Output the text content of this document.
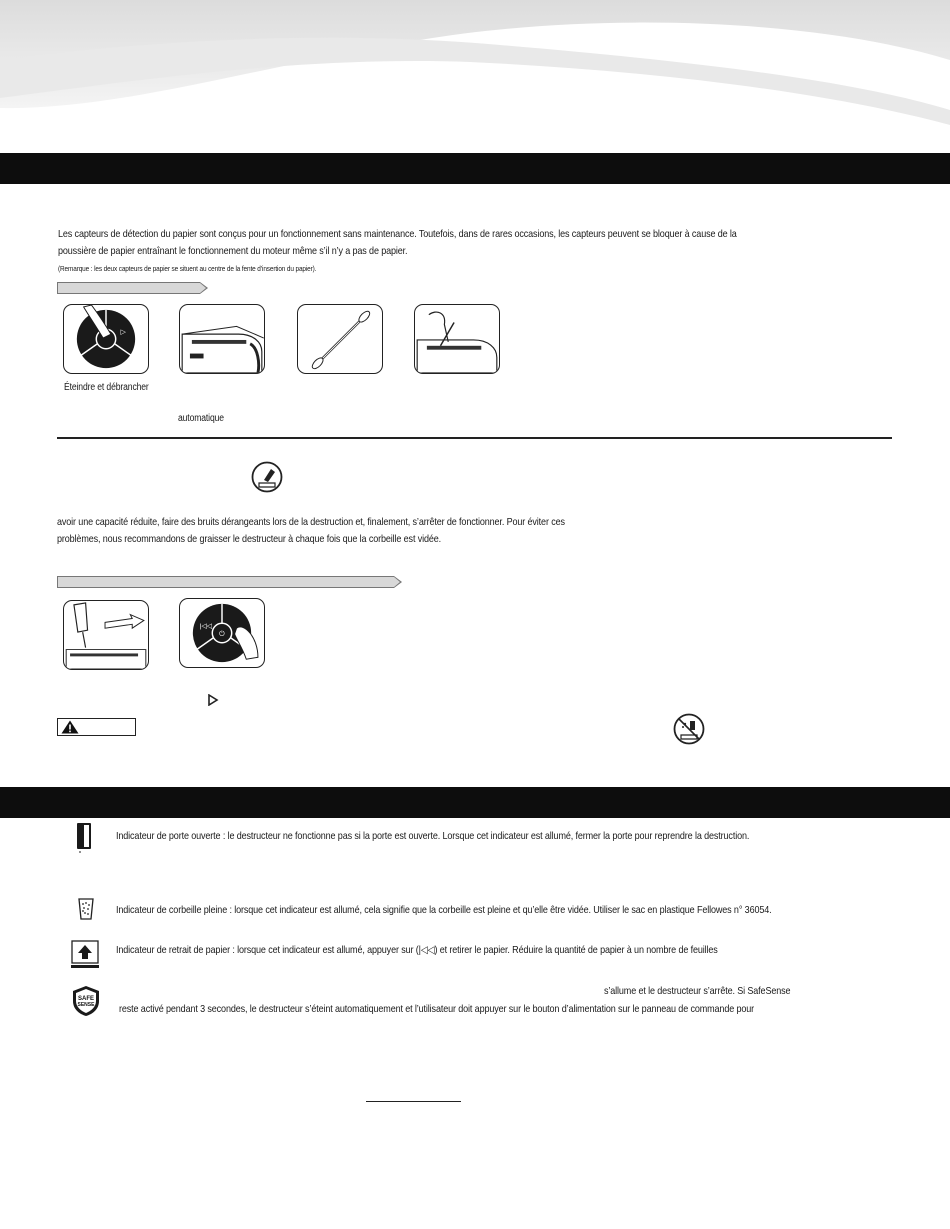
Les capteurs de détection du papier sont conçus pour un fonctionnement sans maintenance. Toutefois, dans de rares occasions, les capteurs peuvent se bloquer à cause de la
poussière de papier entraînant le fonctionnement du moteur même s’il n’y a pas de papier.
(Remarque : les deux capteurs de papier se situent au centre de la fente d’insertion du papier).
▷
Éteindre et débrancher
automatique
avoir une capacité réduite, faire des bruits dérangeants lors de la destruction et, finalement, s’arrêter de fonctionner. Pour éviter ces
problèmes, nous recommandons de graisser le destructeur à chaque fois que la corbeille est vidée.
|◁◁
⏻
Indicateur de porte ouverte : le destructeur ne fonctionne pas si la porte est ouverte. Lorsque cet indicateur est allumé, fermer la porte pour reprendre la destruction.
Indicateur de corbeille pleine : lorsque cet indicateur est allumé, cela signifie que la corbeille est pleine et qu’elle être vidée. Utiliser le sac en plastique Fellowes n° 36054.
Indicateur de retrait de papier : lorsque cet indicateur est allumé, appuyer sur (|◁◁) et retirer le papier. Réduire la quantité de papier à un nombre de feuilles
SAFE
SENSE
s’allume et le destructeur s’arrête. Si SafeSense
reste activé pendant 3 secondes, le destructeur s’éteint automatiquement et l’utilisateur doit appuyer sur le bouton d’alimentation sur le panneau de commande pour
